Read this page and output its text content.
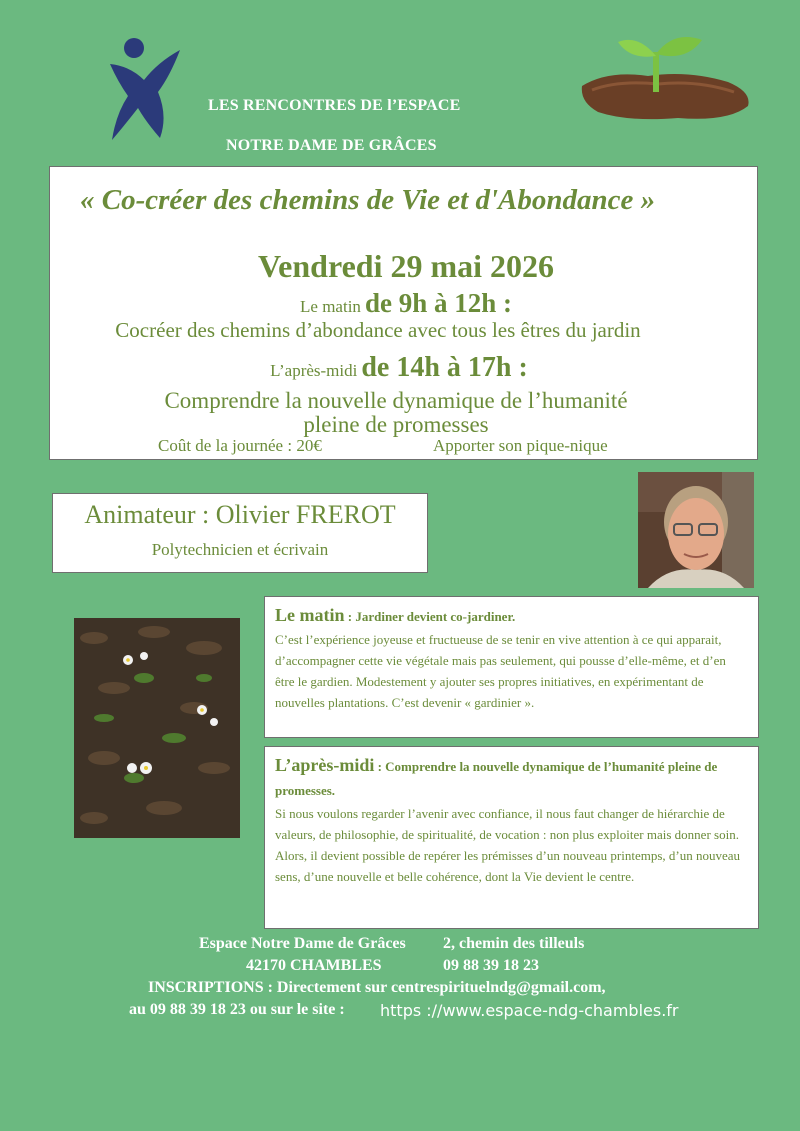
LES RENCONTRES DE l’ESPACE
NOTRE DAME DE GRÂCES
« Co-créer des chemins de Vie et d'Abondance »
Vendredi 29 mai 2026
Le matin de 9h à 12h :
Cocréer des chemins d’abondance avec tous les êtres du jardin
L’après-midi de 14h à 17h :
Comprendre la nouvelle dynamique de l’humanité
pleine de promesses
Coût de la journée : 20€	Apporter son pique-nique
Animateur : Olivier FREROT
Polytechnicien et écrivain
Le matin : Jardiner devient co-jardiner.
C’est l’expérience joyeuse et fructueuse de se tenir en vive attention à ce qui apparait, d’accompagner cette vie végétale mais pas seulement, qui pousse d’elle-même, et d’en être le gardien. Modestement y ajouter ses propres initiatives, en expérimentant de nouvelles plantations. C’est devenir « gardinier ».
L’après-midi : Comprendre la nouvelle dynamique de l’humanité pleine de promesses.
Si nous voulons regarder l’avenir avec confiance, il nous faut changer de hiérarchie de valeurs, de philosophie, de spiritualité, de vocation : non plus exploiter mais donner soin.
Alors, il devient possible de repérer les prémisses d’un nouveau printemps, d’un nouveau sens, d’une nouvelle et belle cohérence, dont la Vie devient le centre.
Espace Notre Dame de Grâces 2, chemin des tilleuls
42170 CHAMBLES	09 88 39 18 23
INSCRIPTIONS : Directement sur centrespirituelndg@gmail.com,
au 09 88 39 18 23 ou sur le site : https ://www.espace-ndg-chambles.fr
